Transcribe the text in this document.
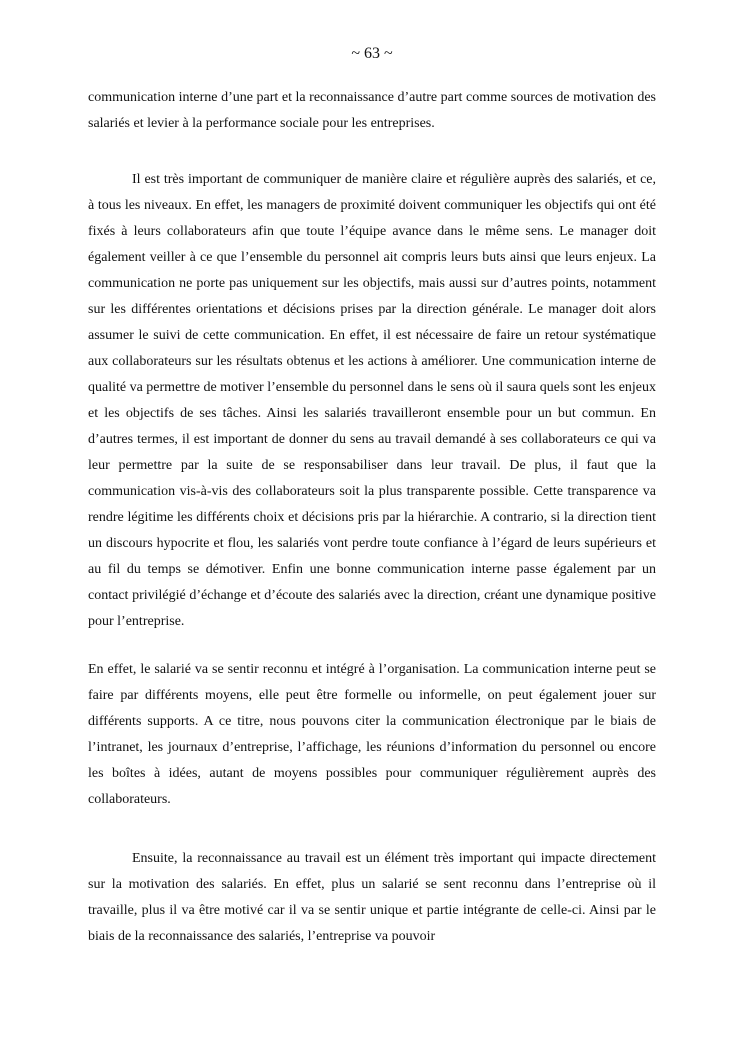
~ 63 ~

communication interne d’une part et la reconnaissance d’autre part comme sources de motivation des salariés et levier à la performance sociale pour les entreprises.

Il est très important de communiquer de manière claire et régulière auprès des salariés, et ce, à tous les niveaux. En effet, les managers de proximité doivent communiquer les objectifs qui ont été fixés à leurs collaborateurs afin que toute l’équipe avance dans le même sens. Le manager doit également veiller à ce que l’ensemble du personnel ait compris leurs buts ainsi que leurs enjeux. La communication ne porte pas uniquement sur les objectifs, mais aussi sur d’autres points, notamment sur les différentes orientations et décisions prises par la direction générale. Le manager doit alors assumer le suivi de cette communication. En effet, il est nécessaire de faire un retour systématique aux collaborateurs sur les résultats obtenus et les actions à améliorer. Une communication interne de qualité va permettre de motiver l’ensemble du personnel dans le sens où il saura quels sont les enjeux et les objectifs de ses tâches. Ainsi les salariés travailleront ensemble pour un but commun. En d’autres termes, il est important de donner du sens au travail demandé à ses collaborateurs ce qui va leur permettre par la suite de se responsabiliser dans leur travail. De plus, il faut que la communication vis-à-vis des collaborateurs soit la plus transparente possible. Cette transparence va rendre légitime les différents choix et décisions pris par la hiérarchie. A contrario, si la direction tient un discours hypocrite et flou, les salariés vont perdre toute confiance à l’égard de leurs supérieurs et au fil du temps se démotiver. Enfin une bonne communication interne passe également par un contact privilégié d’échange et d’écoute des salariés avec la direction, créant une dynamique positive pour l’entreprise.

En effet, le salarié va se sentir reconnu et intégré à l’organisation. La communication interne peut se faire par différents moyens, elle peut être formelle ou informelle, on peut également jouer sur différents supports. A ce titre, nous pouvons citer la communication électronique par le biais de l’intranet, les journaux d’entreprise, l’affichage, les réunions d’information du personnel ou encore les boîtes à idées, autant de moyens possibles pour communiquer régulièrement auprès des collaborateurs.

Ensuite, la reconnaissance au travail est un élément très important qui impacte directement sur la motivation des salariés. En effet, plus un salarié se sent reconnu dans l’entreprise où il travaille, plus il va être motivé car il va se sentir unique et partie intégrante de celle-ci. Ainsi par le biais de la reconnaissance des salariés, l’entreprise va pouvoir
